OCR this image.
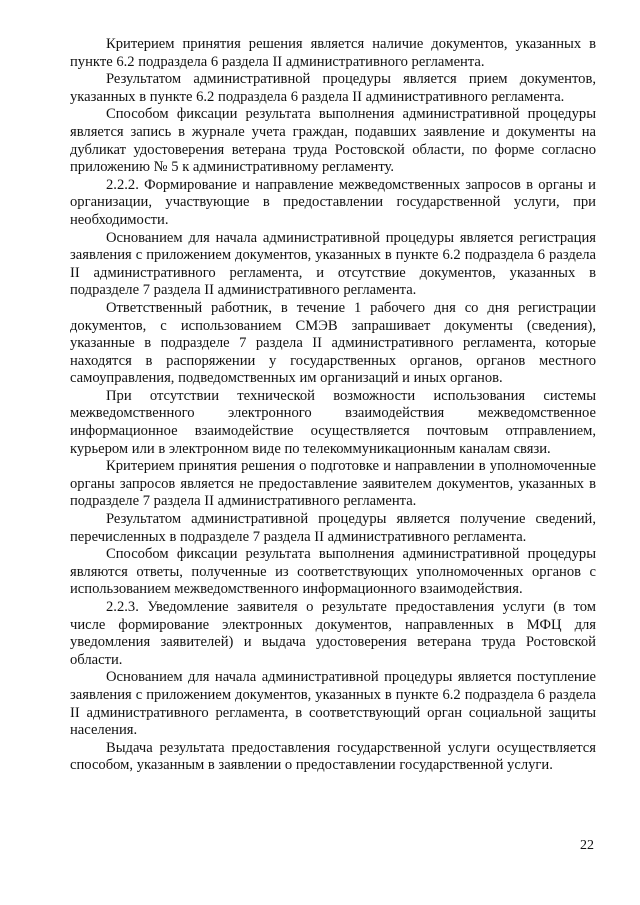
Критерием принятия решения является наличие документов, указанных в пункте 6.2 подраздела 6 раздела II административного регламента.

Результатом административной процедуры является прием документов, указанных в пункте 6.2 подраздела 6 раздела II административного регламента.

Способом фиксации результата выполнения административной процедуры является запись в журнале учета граждан, подавших заявление и документы на дубликат удостоверения ветерана труда Ростовской области, по форме согласно приложению № 5 к административному регламенту.

2.2.2. Формирование и направление межведомственных запросов в органы и организации, участвующие в предоставлении государственной услуги, при необходимости.

Основанием для начала административной процедуры является регистрация заявления с приложением документов, указанных в пункте 6.2 подраздела 6 раздела II административного регламента, и отсутствие документов, указанных в подразделе 7 раздела II административного регламента.

Ответственный работник, в течение 1 рабочего дня со дня регистрации документов, с использованием СМЭВ запрашивает документы (сведения), указанные в подразделе 7 раздела II административного регламента, которые находятся в распоряжении у государственных органов, органов местного самоуправления, подведомственных им организаций и иных органов.

При отсутствии технической возможности использования системы межведомственного электронного взаимодействия межведомственное информационное взаимодействие осуществляется почтовым отправлением, курьером или в электронном виде по телекоммуникационным каналам связи.

Критерием принятия решения о подготовке и направлении в уполномоченные органы запросов является не предоставление заявителем документов, указанных в подразделе 7 раздела II административного регламента.

Результатом административной процедуры является получение сведений, перечисленных в подразделе 7 раздела II административного регламента.

Способом фиксации результата выполнения административной процедуры являются ответы, полученные из соответствующих уполномоченных органов с использованием межведомственного информационного взаимодействия.

2.2.3. Уведомление заявителя о результате предоставления услуги (в том числе формирование электронных документов, направленных в МФЦ для уведомления заявителей) и выдача удостоверения ветерана труда Ростовской области.

Основанием для начала административной процедуры является поступление заявления с приложением документов, указанных в пункте 6.2 подраздела 6 раздела II административного регламента, в соответствующий орган социальной защиты населения.

Выдача результата предоставления государственной услуги осуществляется способом, указанным в заявлении о предоставлении государственной услуги.

22
